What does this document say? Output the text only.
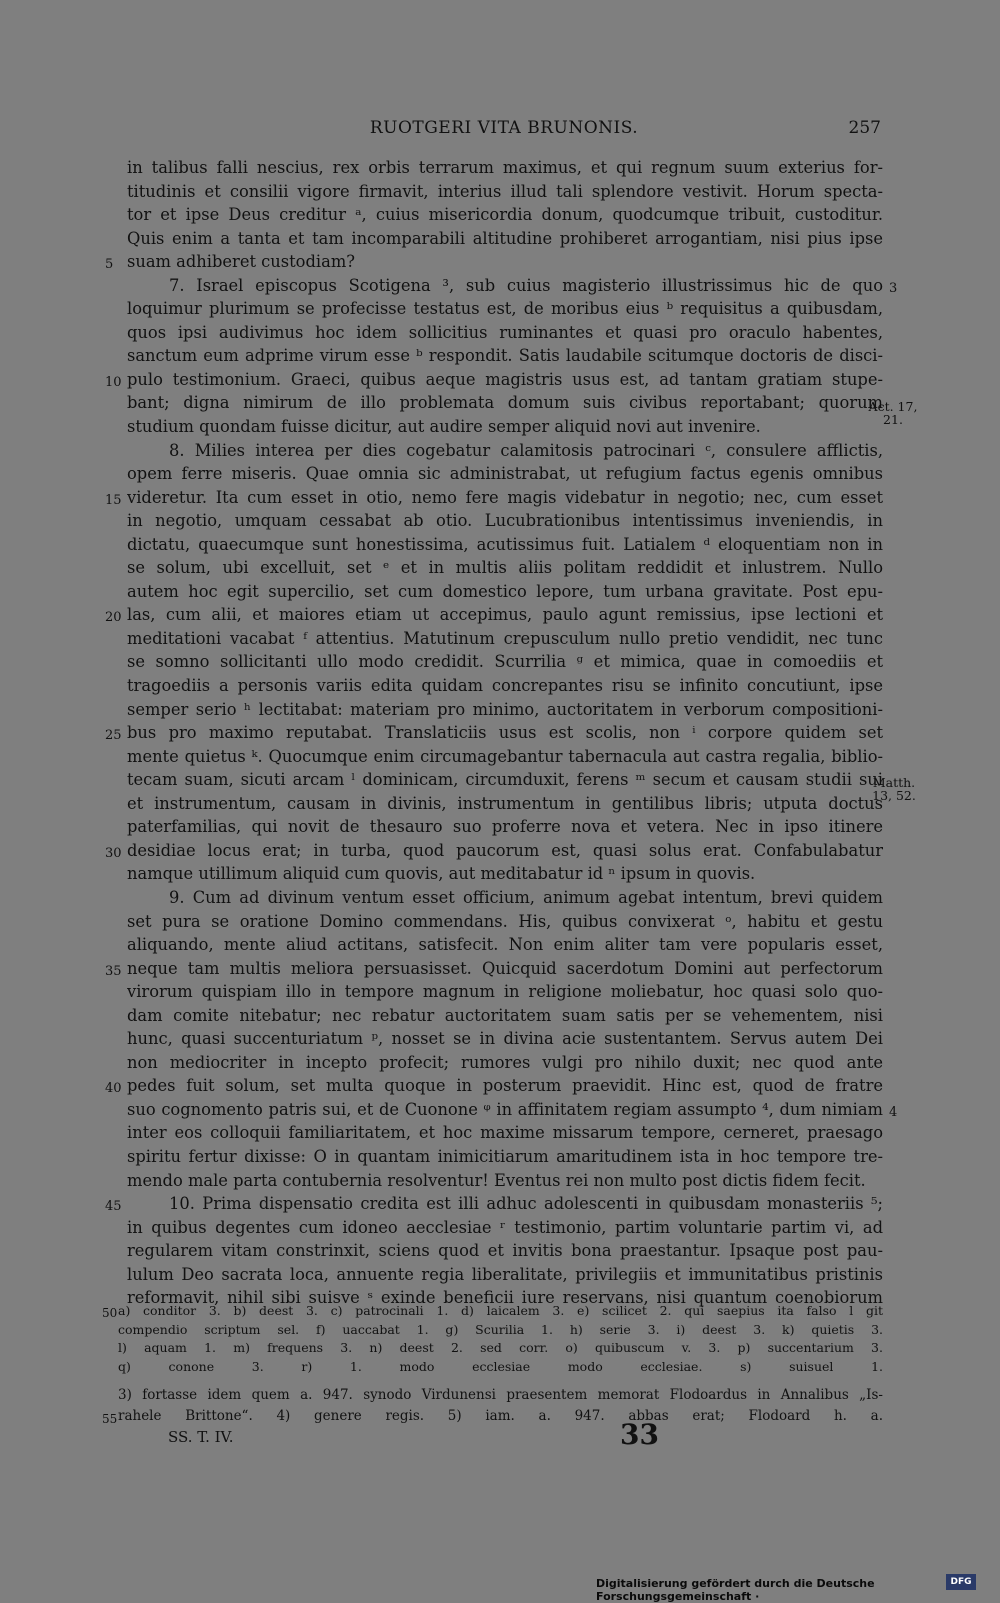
RUOTGERI VITA BRUNONIS.	257
in talibus falli nescius, rex orbis terrarum maximus, et qui regnum suum exterius for-
titudinis et consilii vigore firmavit, interius illud tali splendore vestivit. Horum specta-
tor et ipse Deus creditur ᵃ, cuius misericordia donum, quodcumque tribuit, custoditur.
Quis enim a tanta et tam incomparabili altitudine prohiberet arrogantiam, nisi pius ipse
5 suam adhiberet custodiam?
7. Israel episcopus Scotigena ³, sub cuius magisterio illustrissimus hic de quo 3
loquimur plurimum se profecisse testatus est, de moribus eius ᵇ requisitus a quibusdam,
quos ipsi audivimus hoc idem sollicitius ruminantes et quasi pro oraculo habentes,
sanctum eum adprime virum esse ᵇ respondit. Satis laudabile scitumque doctoris de disci-
10 pulo testimonium. Graeci, quibus aeque magistris usus est, ad tantam gratiam stupe-
bant; digna nimirum de illo problemata domum suis civibus reportabant; quorum
studium quondam fuisse dicitur, aut audire semper aliquid novi aut invenire.
8. Milies interea per dies cogebatur calamitosis patrocinari ᶜ, consulere afflictis,
opem ferre miseris. Quae omnia sic administrabat, ut refugium factus egenis omnibus
15 videretur. Ita cum esset in otio, nemo fere magis videbatur in negotio; nec, cum esset
in negotio, umquam cessabat ab otio. Lucubrationibus intentissimus inveniendis, in
dictatu, quaecumque sunt honestissima, acutissimus fuit. Latialem ᵈ eloquentiam non in
se solum, ubi excelluit, set ᵉ et in multis aliis politam reddidit et inlustrem. Nullo
autem hoc egit supercilio, set cum domestico lepore, tum urbana gravitate. Post epu-
20 las, cum alii, et maiores etiam ut accepimus, paulo agunt remissius, ipse lectioni et
meditationi vacabat ᶠ attentius. Matutinum crepusculum nullo pretio vendidit, nec tunc
se somno sollicitanti ullo modo credidit. Scurrilia ᵍ et mimica, quae in comoediis et
tragoediis a personis variis edita quidam concrepantes risu se infinito concutiunt, ipse
semper serio ʰ lectitabat: materiam pro minimo, auctoritatem in verborum compositioni-
25 bus pro maximo reputabat. Translaticiis usus est scolis, non ⁱ corpore quidem set
mente quietus ᵏ. Quocumque enim circumagebantur tabernacula aut castra regalia, biblio-
tecam suam, sicuti arcam ˡ dominicam, circumduxit, ferens ᵐ secum et causam studii sui
et instrumentum, causam in divinis, instrumentum in gentilibus libris; utputa doctus
paterfamilias, qui novit de thesauro suo proferre nova et vetera. Nec in ipso itinere
30 desidiae locus erat; in turba, quod paucorum est, quasi solus erat. Confabulabatur
namque utillimum aliquid cum quovis, aut meditabatur id ⁿ ipsum in quovis.
9. Cum ad divinum ventum esset officium, animum agebat intentum, brevi quidem
set pura se oratione Domino commendans. His, quibus convixerat ᵒ, habitu et gestu
aliquando, mente aliud actitans, satisfecit. Non enim aliter tam vere popularis esset,
35 neque tam multis meliora persuasisset. Quicquid sacerdotum Domini aut perfectorum
virorum quispiam illo in tempore magnum in religione moliebatur, hoc quasi solo quo-
dam comite nitebatur; nec rebatur auctoritatem suam satis per se vehementem, nisi
hunc, quasi succenturiatum ᵖ, nosset se in divina acie sustentantem. Servus autem Dei
non mediocriter in incepto profecit; rumores vulgi pro nihilo duxit; nec quod ante
40 pedes fuit solum, set multa quoque in posterum praevidit. Hinc est, quod de fratre
suo cognomento patris sui, et de Cuonone ᵠ in affinitatem regiam assumpto ⁴, dum nimiam 4
inter eos colloquii familiaritatem, et hoc maxime missarum tempore, cerneret, praesago
spiritu fertur dixisse: O in quantam inimicitiarum amaritudinem ista in hoc tempore tre-
mendo male parta contubernia resolventur! Eventus rei non multo post dictis fidem fecit.
45	10. Prima dispensatio credita est illi adhuc adolescenti in quibusdam monasteriis ⁵;
in quibus degentes cum idoneo aecclesiae ʳ testimonio, partim voluntarie partim vi, ad
regularem vitam constrinxit, sciens quod et invitis bona praestantur. Ipsaque post pau-
lulum Deo sacrata loca, annuente regia liberalitate, privilegiis et immunitatibus pristinis
reformavit, nihil sibi suisve ˢ exinde beneficii iure reservans, nisi quantum coenobiorum
Act. 17, 21.
Matth. 13, 52.
50 a) conditor 3. b) deest 3. c) patrocinali 1. d) laicalem 3. e) scilicet 2. qui saepius ita falso l git
compendio scriptum sel. f) uaccabat 1. g) Scurilia 1. h) serie 3. i) deest 3. k) quietis 3.
l) aquam 1. m) frequens 3. n) deest 2. sed corr. o) quibuscum v. 3. p) succentarium 3.
q) conone 3. r) 1. modo ecclesiae modo ecclesiae. s) suisuel 1.
3) fortasse idem quem a. 947. synodo Virdunensi praesentem memorat Flodoardus in Annalibus „Is-
55 rahele Brittone“. 4) genere regis. 5) iam. a. 947. abbas erat; Flodoard h. a.
SS. T. IV.	33
Digitalisierung gefördert durch die Deutsche Forschungsgemeinschaft ·
DFG
